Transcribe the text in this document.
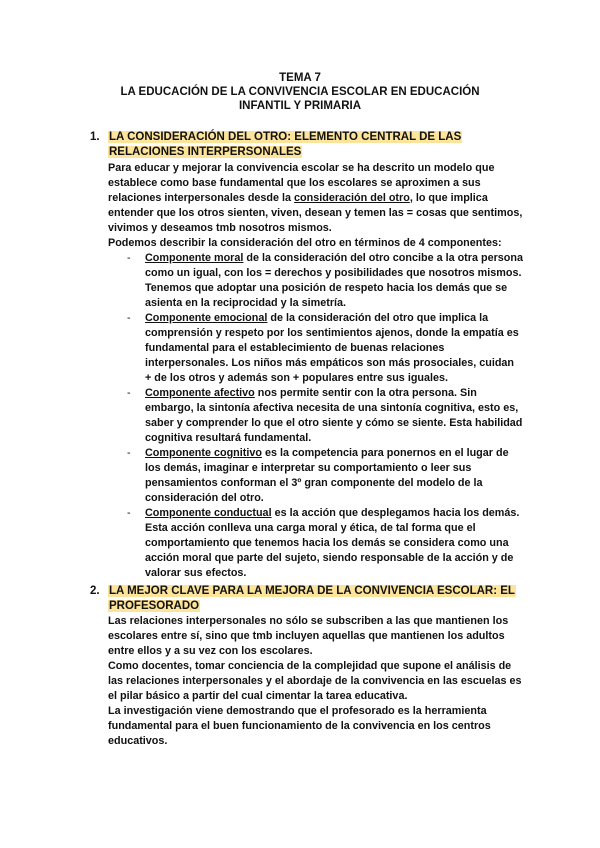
TEMA 7
LA EDUCACIÓN DE LA CONVIVENCIA ESCOLAR EN EDUCACIÓN INFANTIL Y PRIMARIA
1. LA CONSIDERACIÓN DEL OTRO: ELEMENTO CENTRAL DE LAS RELACIONES INTERPERSONALES

Para educar y mejorar la convivencia escolar se ha descrito un modelo que establece como base fundamental que los escolares se aproximen a sus relaciones interpersonales desde la consideración del otro, lo que implica entender que los otros sienten, viven, desean y temen las = cosas que sentimos, vivimos y deseamos tmb nosotros mismos.

Podemos describir la consideración del otro en términos de 4 componentes:

- Componente moral de la consideración del otro concibe a la otra persona como un igual, con los = derechos y posibilidades que nosotros mismos. Tenemos que adoptar una posición de respeto hacia los demás que se asienta en la reciprocidad y la simetría.
- Componente emocional de la consideración del otro que implica la comprensión y respeto por los sentimientos ajenos, donde la empatía es fundamental para el establecimiento de buenas relaciones interpersonales. Los niños más empáticos son más prosociales, cuidan + de los otros y además son + populares entre sus iguales.
- Componente afectivo nos permite sentir con la otra persona. Sin embargo, la sintonía afectiva necesita de una sintonía cognitiva, esto es, saber y comprender lo que el otro siente y cómo se siente. Esta habilidad cognitiva resultará fundamental.
- Componente cognitivo es la competencia para ponernos en el lugar de los demás, imaginar e interpretar su comportamiento o leer sus pensamientos conforman el 3º gran componente del modelo de la consideración del otro.
- Componente conductual es la acción que desplegamos hacia los demás. Esta acción conlleva una carga moral y ética, de tal forma que el comportamiento que tenemos hacia los demás se considera como una acción moral que parte del sujeto, siendo responsable de la acción y de valorar sus efectos.
2. LA MEJOR CLAVE PARA LA MEJORA DE LA CONVIVENCIA ESCOLAR: EL PROFESORADO

Las relaciones interpersonales no sólo se subscriben a las que mantienen los escolares entre sí, sino que tmb incluyen aquellas que mantienen los adultos entre ellos y a su vez con los escolares.

Como docentes, tomar conciencia de la complejidad que supone el análisis de las relaciones interpersonales y el abordaje de la convivencia en las escuelas es el pilar básico a partir del cual cimentar la tarea educativa.

La investigación viene demostrando que el profesorado es la herramienta fundamental para el buen funcionamiento de la convivencia en los centros educativos.
